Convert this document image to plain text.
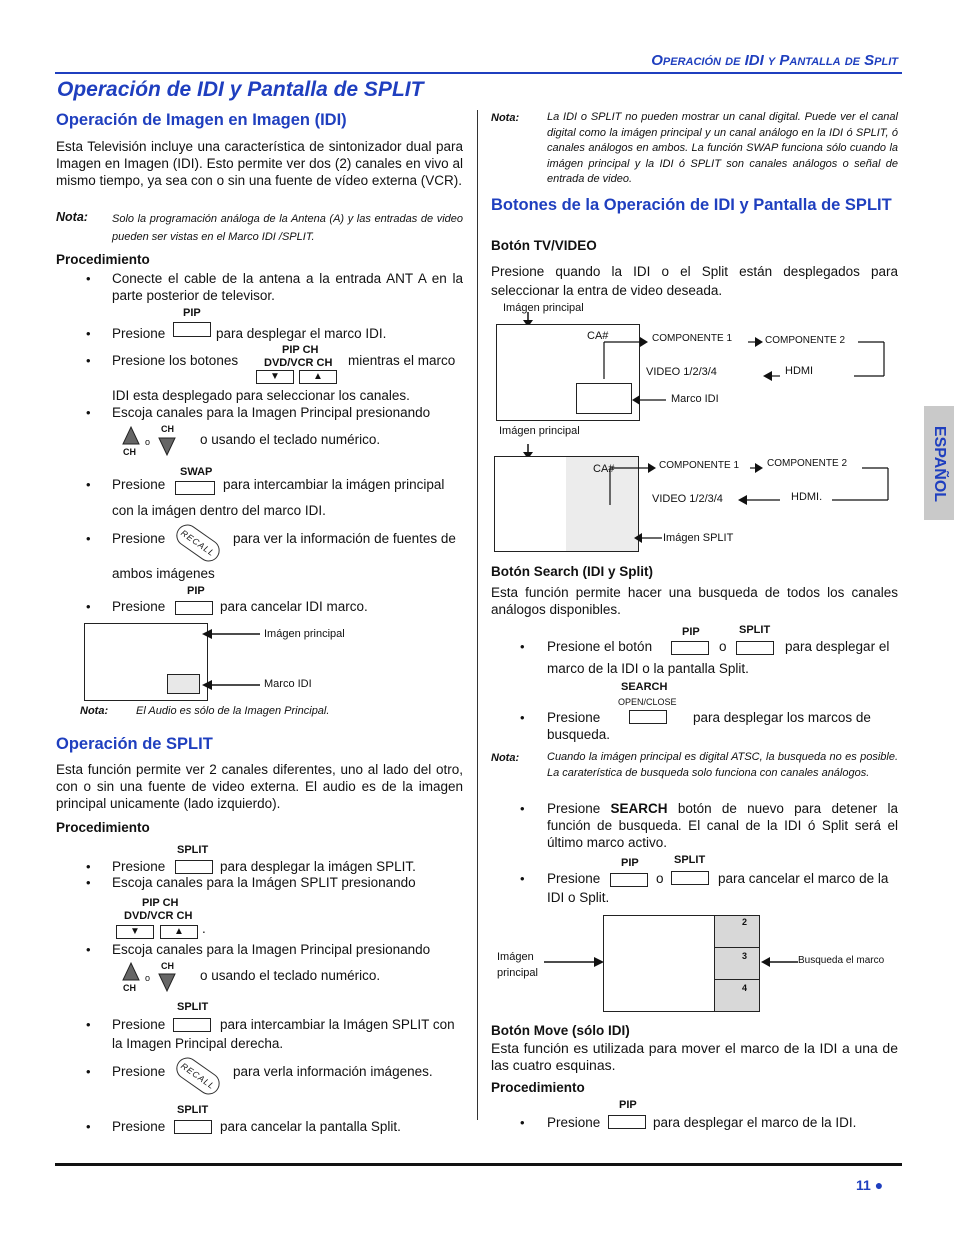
Operación de IDI y Pantalla de Split
Operación de IDI y Pantalla de SPLIT
ESPAÑOL
Operación de Imagen en Imagen (IDI)
Esta Televisión incluye una característica de sintonizador dual para Imagen en Imagen (IDI). Esto permite ver dos (2) canales en vivo al mismo tiempo, ya sea con o sin una fuente de vídeo externa (VCR).
Nota: Solo la programación análoga de la Antena (A) y las entradas de video pueden ser vistas en el Marco IDI /SPLIT.
Procedimiento
• Conecte el cable de la antena a la entrada ANT A en la parte posterior de televisor.
PIP
• Presione	para desplegar el marco IDI.
PIP CH
DVD/VCR CH
• Presione los botones
▼	▲
mientras el marco
IDI esta desplegado para seleccionar los canales.
• Escoja canales para la Imagen Principal presionando
CH
CH
o	o usando el teclado numérico.
SWAP
• Presione	para intercambiar la imágen principal
con la imágen dentro del marco IDI.
• Presione	RECALL	para ver la información de fuentes de
ambos imágenes
PIP
• Presione	para cancelar IDI marco.
Imágen principal
Marco IDI
Nota:	El Audio es sólo de la Imagen Principal.
Operación de SPLIT
Esta función permite ver 2 canales diferentes, uno al lado del otro, con o sin una fuente de video externa. El audio es de la imagen principal unicamente (lado izquierdo).
Procedimiento
SPLIT
• Presione	para desplegar la imágen SPLIT.
• Escoja canales para la Imágen SPLIT presionando
PIP CH
DVD/VCR CH
▼	▲	.
• Escoja canales para la Imagen Principal presionando
CH
CH
o	o usando el teclado numérico.
SPLIT
• Presione	para intercambiar la Imágen SPLIT con
la Imagen Principal derecha.
• Presione	RECALL	para verla información imágenes.
SPLIT
• Presione	para cancelar la pantalla Split.
Nota:	La IDI o SPLIT no pueden mostrar un canal digital. Puede ver el canal digital como la imágen principal y un canal análogo en la IDI ó SPLIT, ó canales análogos en ambos. La función SWAP funciona sólo cuando la imágen principal y la IDI ó SPLIT son canales análogos o señal de entrada de video.
Botones de la Operación de IDI y Pantalla de SPLIT
Botón TV/VIDEO
Presione quando la IDI o el Split están desplegados para seleccionar la entra de video deseada.
Imágen principal
CA#	COMPONENTE 1	COMPONENTE 2
VIDEO 1/2/3/4	HDMI
Marco IDI
Imágen principal
CA#	COMPONENTE 1	COMPONENTE 2
VIDEO 1/2/3/4	HDMI.
Imágen SPLIT
Botón Search (IDI y Split)
Esta función permite hacer una busqueda de todos los canales análogos disponibles.
PIP	SPLIT
• Presione el botón	o	para desplegar el
marco de la IDI o la pantalla Split.
SEARCH
OPEN/CLOSE
• Presione	para desplegar los marcos de
busqueda.
Nota:	Cuando la imágen principal es digital ATSC, la busqueda no es posible. La caraterística de busqueda solo funciona con canales análogos.
• Presione SEARCH botón de nuevo para detener la función de busqueda. El canal de la IDI ó Split será el último marco activo.
PIP	SPLIT
• Presione	o	para cancelar el marco de la
IDI o Split.
Imágen
principal
2
3
4
Busqueda el marco
Botón Move (sólo IDI)
Esta función es utilizada para mover el marco de la IDI a una de las cuatro esquinas.
Procedimiento
PIP
• Presione	para desplegar el marco de la IDI.
11 ●
